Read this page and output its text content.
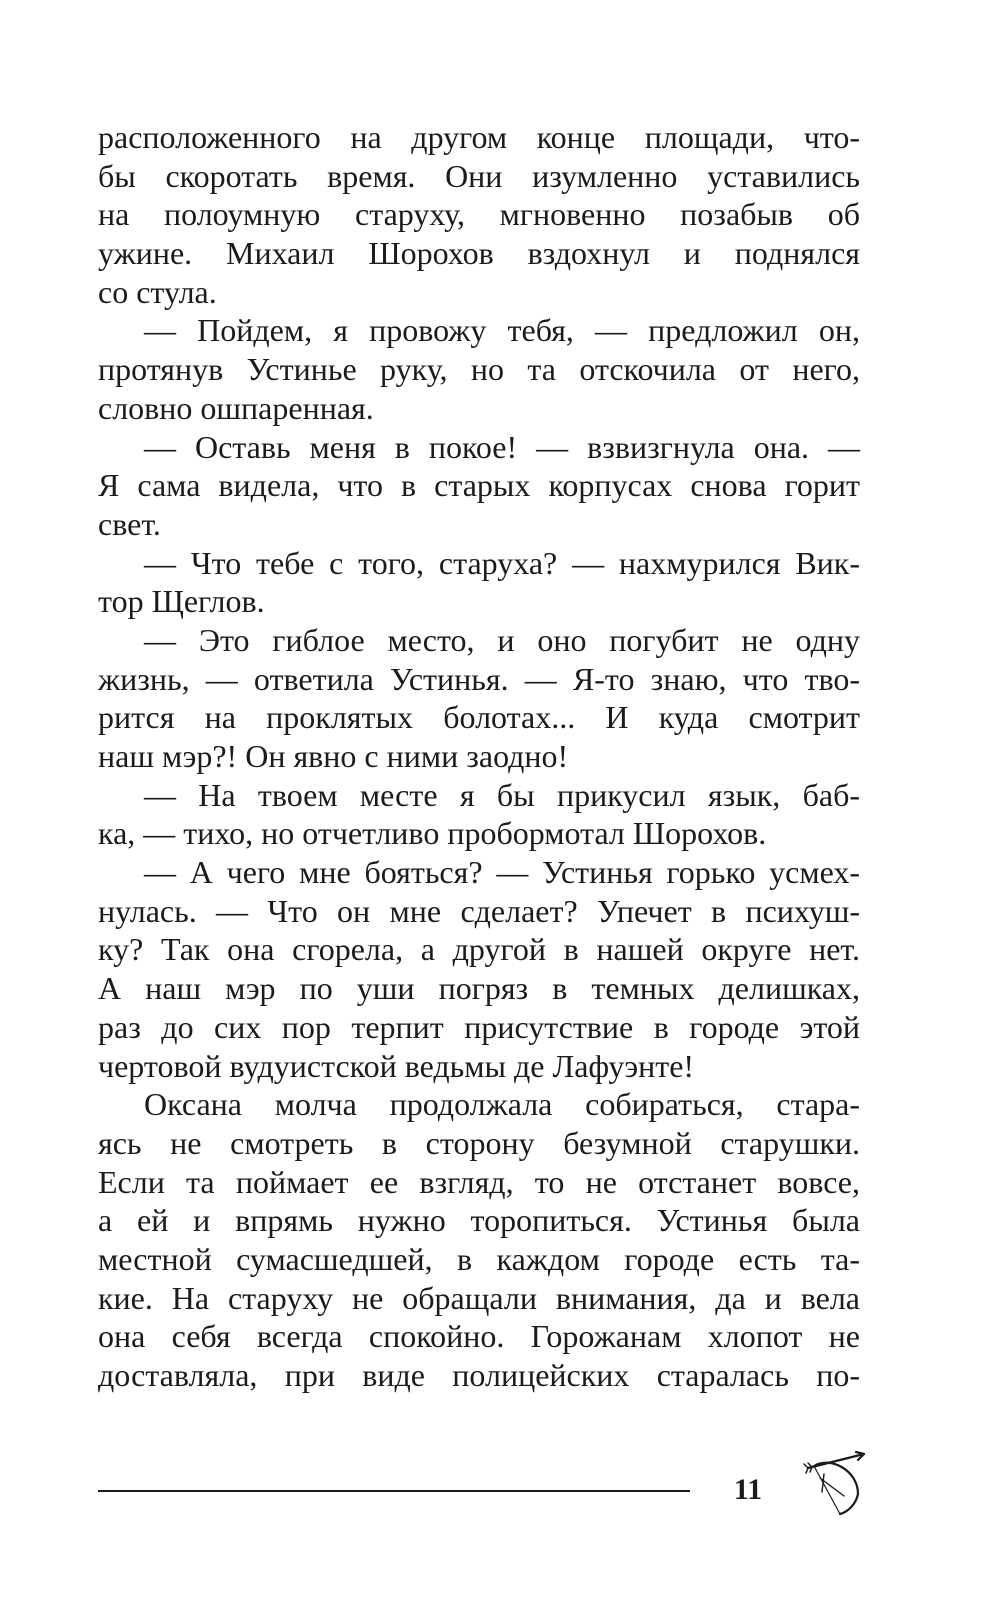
расположенного на другом конце площади, что-
бы скоротать время. Они изумленно уставились
на полоумную старуху, мгновенно позабыв об
ужине. Михаил Шорохов вздохнул и поднялся
со стула.
— Пойдем, я провожу тебя, — предложил он,
протянув Устинье руку, но та отскочила от него,
словно ошпаренная.
— Оставь меня в покое! — взвизгнула она. —
Я сама видела, что в старых корпусах снова горит
свет.
— Что тебе с того, старуха? — нахмурился Вик-
тор Щеглов.
— Это гиблое место, и оно погубит не одну
жизнь, — ответила Устинья. — Я-то знаю, что тво-
рится на проклятых болотах... И куда смотрит
наш мэр?! Он явно с ними заодно!
— На твоем месте я бы прикусил язык, баб-
ка, — тихо, но отчетливо пробормотал Шорохов.
— А чего мне бояться? — Устинья горько усмех-
нулась. — Что он мне сделает? Упечет в психуш-
ку? Так она сгорела, а другой в нашей округе нет.
А наш мэр по уши погряз в темных делишках,
раз до сих пор терпит присутствие в городе этой
чертовой вудуистской ведьмы де Лафуэнте!
Оксана молча продолжала собираться, стара-
ясь не смотреть в сторону безумной старушки.
Если та поймает ее взгляд, то не отстанет вовсе,
а ей и впрямь нужно торопиться. Устинья была
местной сумасшедшей, в каждом городе есть та-
кие. На старуху не обращали внимания, да и вела
она себя всегда спокойно. Горожанам хлопот не
доставляла, при виде полицейских старалась по-
11
